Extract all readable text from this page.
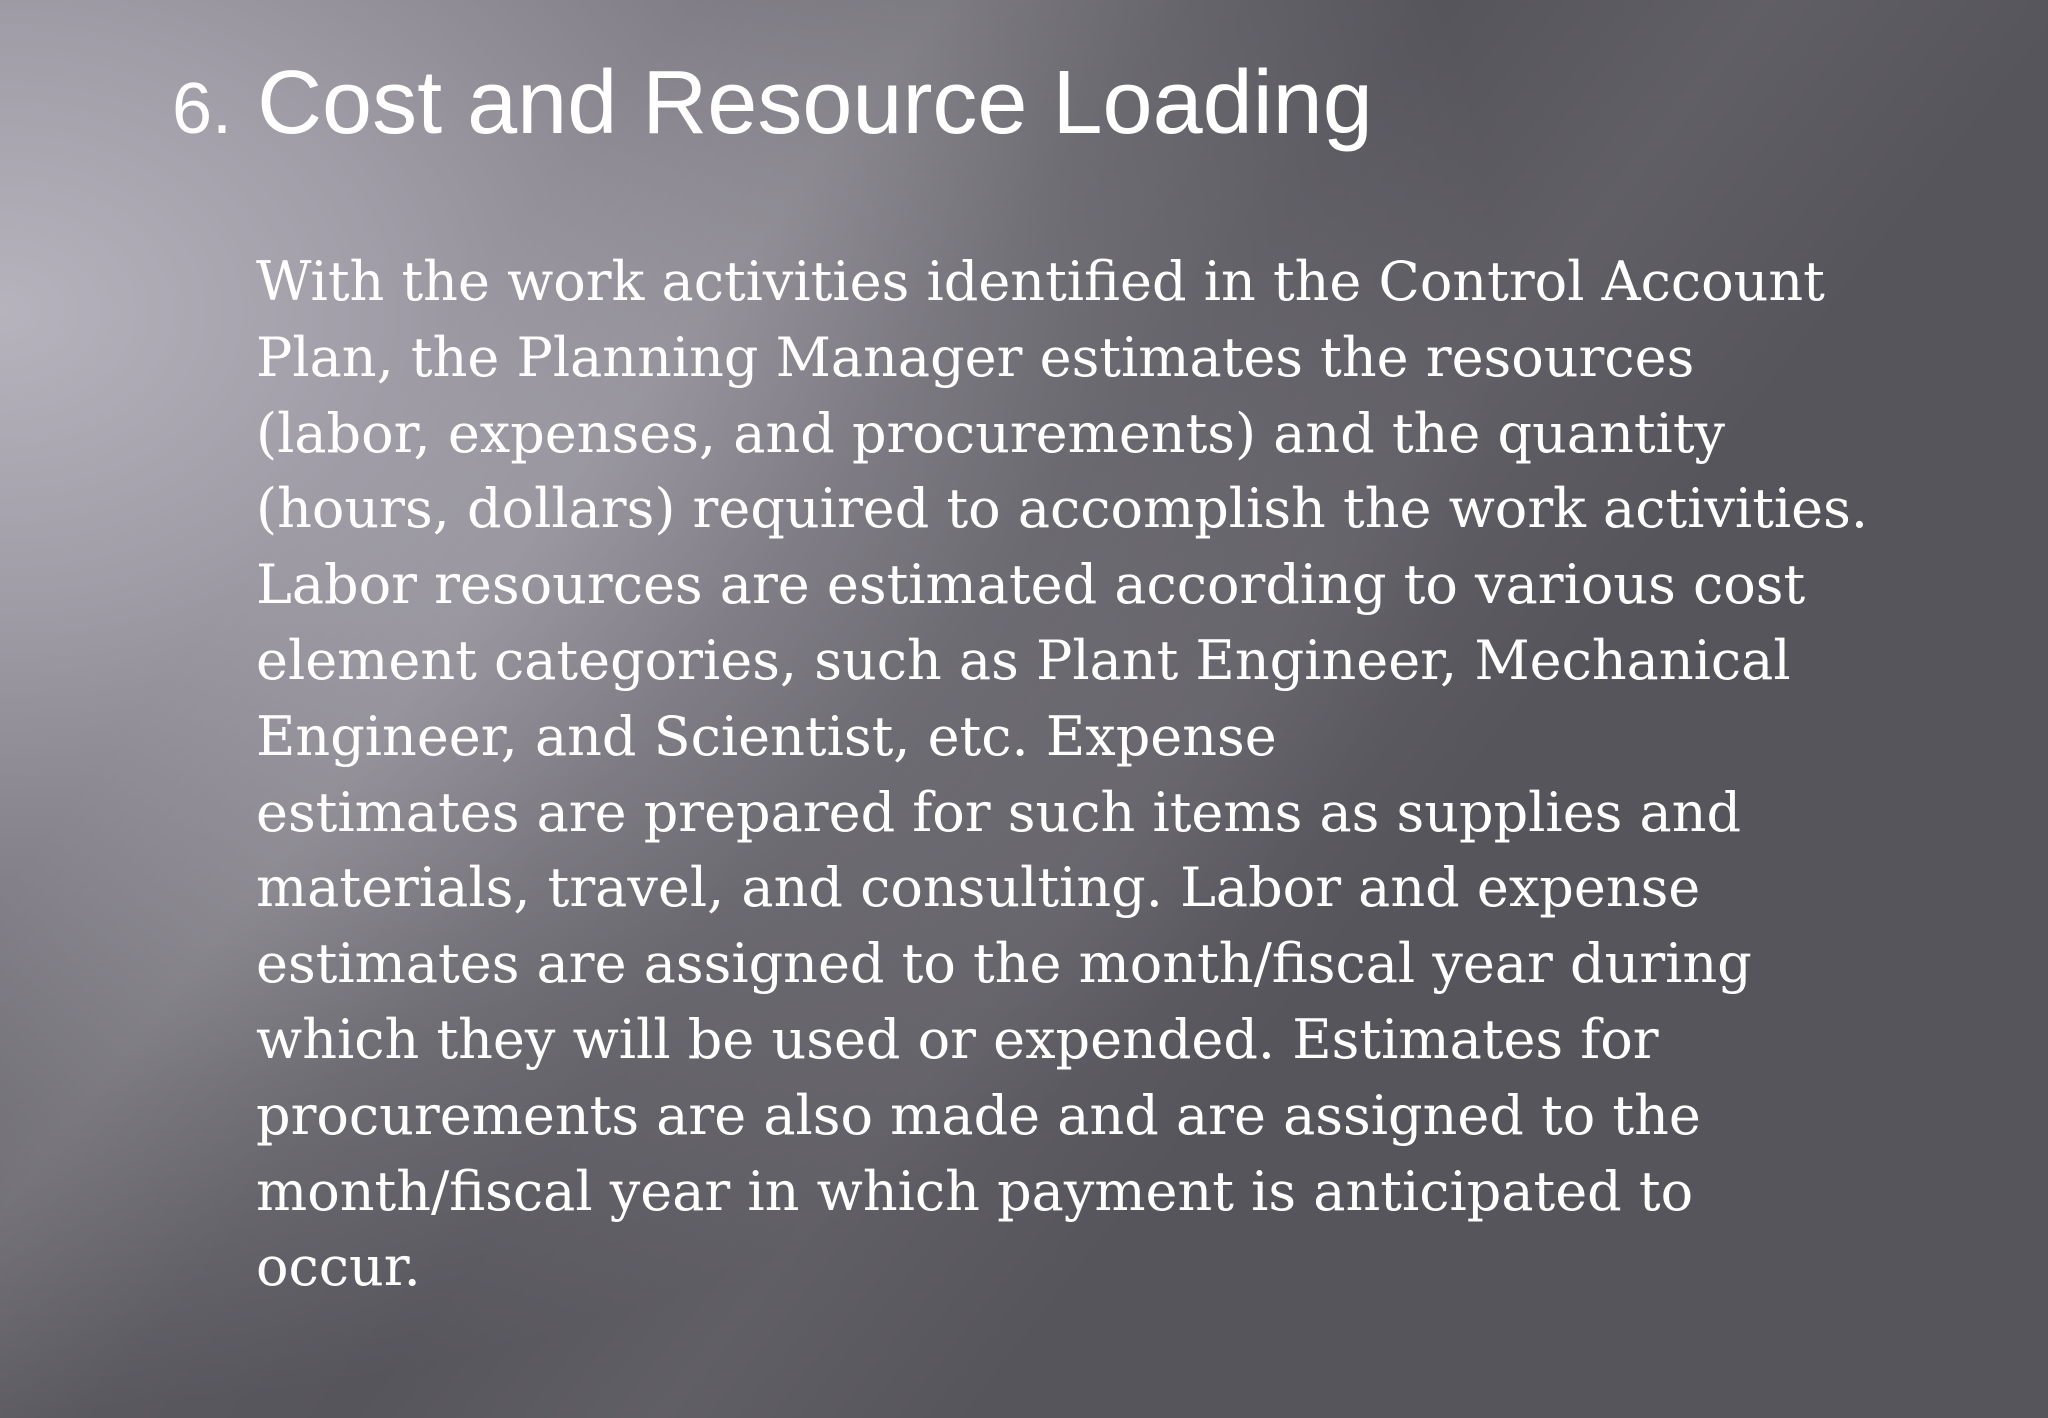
6. Cost and Resource Loading
With the work activities identified in the Control Account
Plan, the Planning Manager estimates the resources
(labor, expenses, and procurements) and the quantity
(hours, dollars) required to accomplish the work activities.
Labor resources are estimated according to various cost
element categories, such as Plant Engineer, Mechanical
Engineer, and Scientist, etc. Expense
estimates are prepared for such items as supplies and
materials, travel, and consulting. Labor and expense
estimates are assigned to the month/fiscal year during
which they will be used or expended. Estimates for
procurements are also made and are assigned to the
month/fiscal year in which payment is anticipated to
occur.
